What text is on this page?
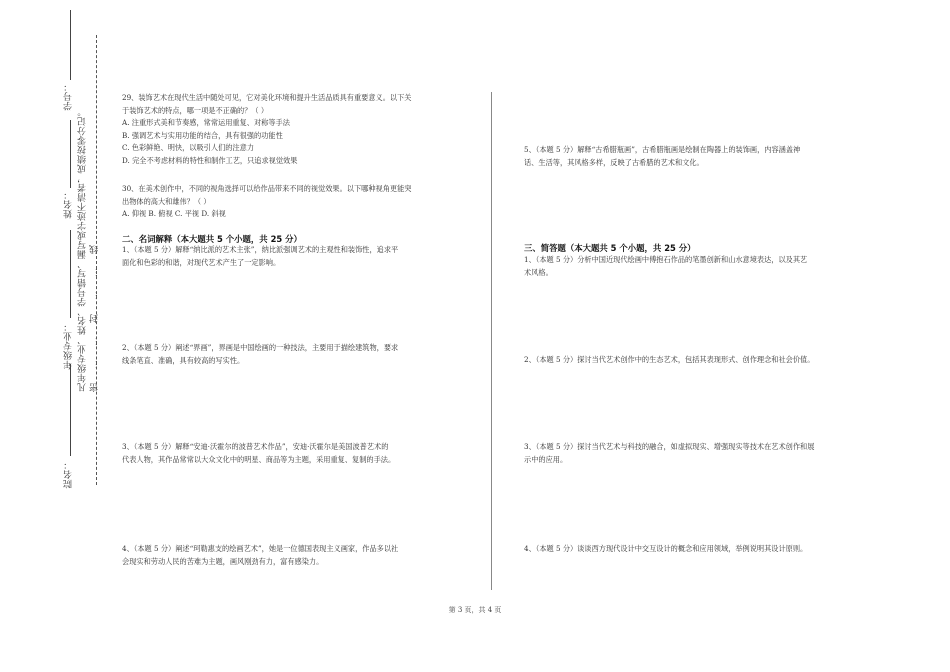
学号：
姓名：
年级专业：
院名：
凡年级专业、姓名、学号错写、漏写或字迹不清者，成绩按零分记。 密……封……线

29、装饰艺术在现代生活中随处可见，它对美化环境和提升生活品质具有重要意义。以下关

于装饰艺术的特点，哪一项是不正确的？（ ）

A. 注重形式美和节奏感，常常运用重复、对称等手法

B. 强调艺术与实用功能的结合，具有很强的功能性

C. 色彩鲜艳、明快，以吸引人们的注意力

D. 完全不考虑材料的特性和制作工艺，只追求视觉效果

30、在美术创作中，不同的视角选择可以给作品带来不同的视觉效果。以下哪种视角更能突

出物体的高大和雄伟？（ ）

A. 仰视 B. 俯视 C. 平视 D. 斜视

二、名词解释（本大题共 5 个小题，共 25 分）

1、（本题 5 分）解释“纳比派的艺术主张”，纳比派强调艺术的主观性和装饰性，追求平

面化和色彩的和谐，对现代艺术产生了一定影响。

2、（本题 5 分）阐述“界画”，界画是中国绘画的一种技法，主要用于描绘建筑物，要求

线条笔直、准确，具有较高的写实性。

3、（本题 5 分）解释“安迪·沃霍尔的波普艺术作品”，安迪·沃霍尔是美国波普艺术的

代表人物，其作品常常以大众文化中的明星、商品等为主题，采用重复、复制的手法。

4、（本题 5 分）阐述“珂勒惠支的绘画艺术”，她是一位德国表现主义画家，作品多以社

会现实和劳动人民的苦难为主题，画风刚劲有力，富有感染力。

5、（本题 5 分）解释“古希腊瓶画”，古希腊瓶画是绘制在陶器上的装饰画，内容涵盖神

话、生活等，其风格多样，反映了古希腊的艺术和文化。

三、简答题（本大题共 5 个小题，共 25 分）

1、（本题 5 分）分析中国近现代绘画中傅抱石作品的笔墨创新和山水意境表达，以及其艺

术风格。

2、（本题 5 分）探讨当代艺术创作中的生态艺术，包括其表现形式、创作理念和社会价值。

3、（本题 5 分）探讨当代艺术与科技的融合，如虚拟现实、增强现实等技术在艺术创作和展

示中的应用。

4、（本题 5 分）谈谈西方现代设计中交互设计的概念和应用领域，举例说明其设计原则。

第 3 页，共 4 页
